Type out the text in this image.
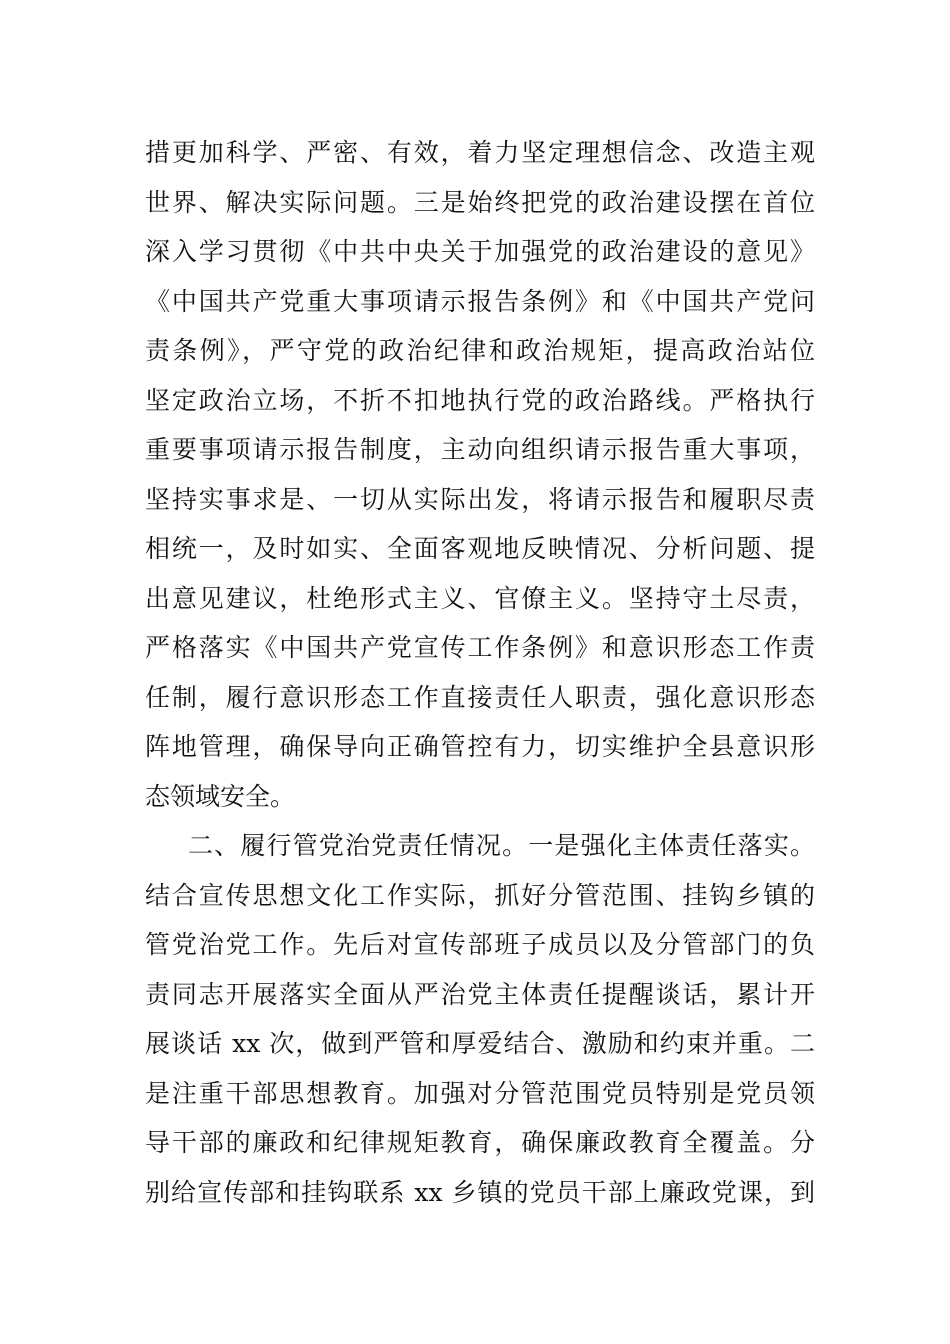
措更加科学、严密、有效，着力坚定理想信念、改造主观
世界、解决实际问题。三是始终把党的政治建设摆在首位
深入学习贯彻《中共中央关于加强党的政治建设的意见》
《中国共产党重大事项请示报告条例》和《中国共产党问
责条例》，严守党的政治纪律和政治规矩，提高政治站位
坚定政治立场，不折不扣地执行党的政治路线。严格执行
重要事项请示报告制度，主动向组织请示报告重大事项，
坚持实事求是、一切从实际出发，将请示报告和履职尽责
相统一，及时如实、全面客观地反映情况、分析问题、提
出意见建议，杜绝形式主义、官僚主义。坚持守土尽责，
严格落实《中国共产党宣传工作条例》和意识形态工作责
任制，履行意识形态工作直接责任人职责，强化意识形态
阵地管理，确保导向正确管控有力，切实维护全县意识形
态领域安全。
二、履行管党治党责任情况。一是强化主体责任落实。
结合宣传思想文化工作实际，抓好分管范围、挂钩乡镇的
管党治党工作。先后对宣传部班子成员以及分管部门的负
责同志开展落实全面从严治党主体责任提醒谈话，累计开
展谈话 xx 次，做到严管和厚爱结合、激励和约束并重。二
是注重干部思想教育。加强对分管范围党员特别是党员领
导干部的廉政和纪律规矩教育，确保廉政教育全覆盖。分
别给宣传部和挂钩联系 xx 乡镇的党员干部上廉政党课，到
